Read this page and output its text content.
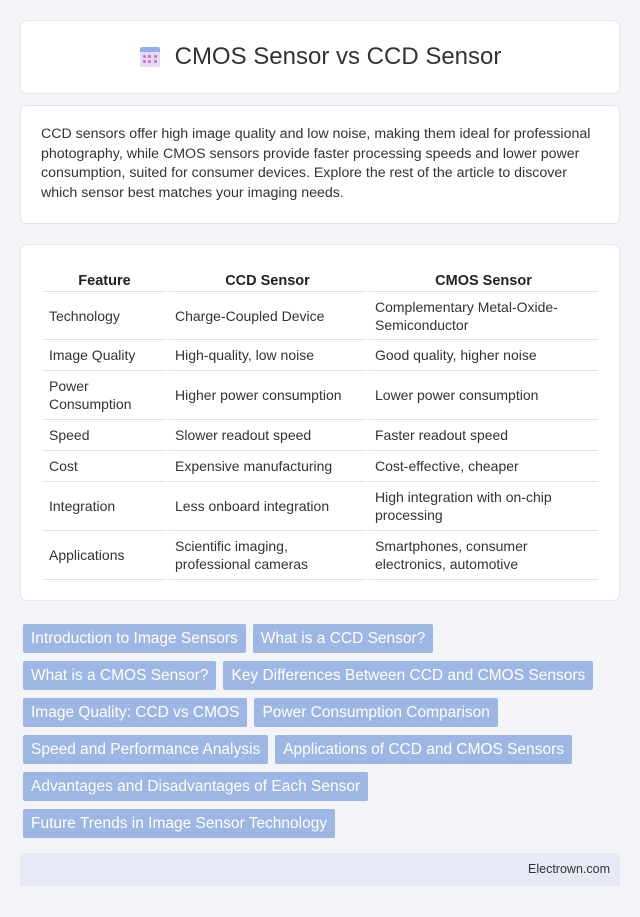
CMOS Sensor vs CCD Sensor

CCD sensors offer high image quality and low noise, making them ideal for professional photography, while CMOS sensors provide faster processing speeds and lower power consumption, suited for consumer devices. Explore the rest of the article to discover which sensor best matches your imaging needs.

Feature	CCD Sensor	CMOS Sensor
Technology	Charge-Coupled Device	Complementary Metal-Oxide-Semiconductor
Image Quality	High-quality, low noise	Good quality, higher noise
Power Consumption	Higher power consumption	Lower power consumption
Speed	Slower readout speed	Faster readout speed
Cost	Expensive manufacturing	Cost-effective, cheaper
Integration	Less onboard integration	High integration with on-chip processing
Applications	Scientific imaging, professional cameras	Smartphones, consumer electronics, automotive
Introduction to Image Sensors	What is a CCD Sensor?
What is a CMOS Sensor?	Key Differences Between CCD and CMOS Sensors
Image Quality: CCD vs CMOS	Power Consumption Comparison
Speed and Performance Analysis	Applications of CCD and CMOS Sensors
Advantages and Disadvantages of Each Sensor
Future Trends in Image Sensor Technology
Electrown.com
